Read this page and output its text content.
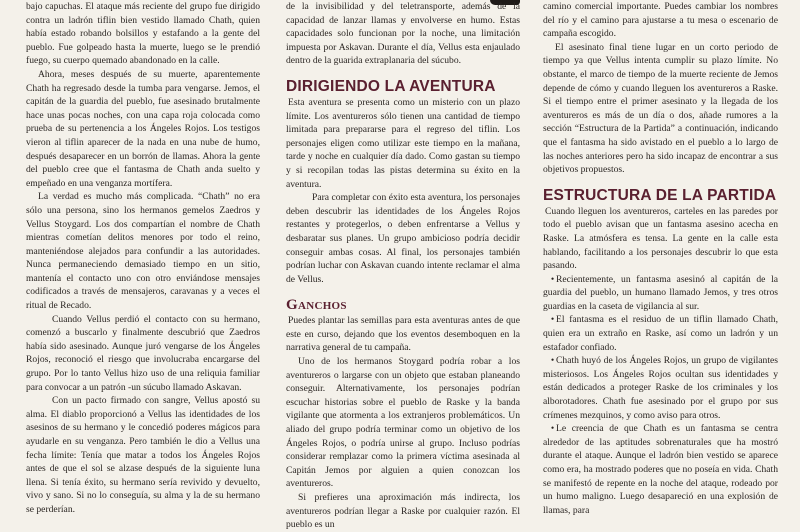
bajo capuchas. El ataque más reciente del grupo fue dirigido contra un ladrón tiflin bien vestido llamado Chath, quien había estado robando bolsillos y estafando a la gente del pueblo. Fue golpeado hasta la muerte, luego se le prendió fuego, su cuerpo quemado abandonado en la calle.

Ahora, meses después de su muerte, aparentemente Chath ha regresado desde la tumba para vengarse. Jemos, el capitán de la guardia del pueblo, fue asesinado brutalmente hace unas pocas noches, con una capa roja colocada como prueba de su pertenencia a los Ángeles Rojos. Los testigos vieron al tiflin aparecer de la nada en una nube de humo, después desaparecer en un borrón de llamas. Ahora la gente del pueblo cree que el fantasma de Chath anda suelto y empeñado en una venganza mortífera.

La verdad es mucho más complicada. “Chath” no era sólo una persona, sino los hermanos gemelos Zaedros y Vellus Stoygard. Los dos compartían el nombre de Chath mientras cometían delitos menores por todo el reino, manteniéndose alejados para confundir a las autoridades. Nunca permaneciendo demasiado tiempo en un sitio, mantenía el contacto uno con otro enviándose mensajes codificados a través de mensajeros, caravanas y a veces el ritual de Recado.

Cuando Vellus perdió el contacto con su hermano, comenzó a buscarlo y finalmente descubrió que Zaedros había sido asesinado. Aunque juró vengarse de los Ángeles Rojos, reconoció el riesgo que involucraba encargarse del grupo. Por lo tanto Vellus hizo uso de una reliquia familiar para convocar a un patrón -un súcubo llamado Askavan.

Con un pacto firmado con sangre, Vellus apostó su alma. El diablo proporcionó a Vellus las identidades de los asesinos de su hermano y le concedió poderes mágicos para ayudarle en su venganza. Pero también le dio a Vellus una fecha límite: Tenía que matar a todos los Ángeles Rojos antes de que el sol se alzase después de la siguiente luna llena. Si tenía éxito, su hermano sería revivido y devuelto, vivo y sano. Si no lo conseguía, su alma y la de su hermano se perderían.

de la invisibilidad y del teletransporte, además de la capacidad de lanzar llamas y envolverse en humo. Estas capacidades solo funcionan por la noche, una limitación impuesta por Askavan. Durante el día, Vellus esta enjaulado dentro de la guarida extraplanaria del súcubo.

DIRIGIENDO LA AVENTURA

Esta aventura se presenta como un misterio con un plazo límite. Los aventureros sólo tienen una cantidad de tiempo limitada para prepararse para el regreso del tiflin. Los personajes eligen como utilizar este tiempo en la mañana, tarde y noche en cualquier día dado. Como gastan su tiempo y si recopilan todas las pistas determina su éxito en la aventura.

Para completar con éxito esta aventura, los personajes deben descubrir las identidades de los Ángeles Rojos restantes y protegerlos, o deben enfrentarse a Vellus y desbaratar sus planes. Un grupo ambicioso podría decidir conseguir ambas cosas. Al final, los personajes también podrían luchar con Askavan cuando intente reclamar el alma de Vellus.

Ganchos

Puedes plantar las semillas para esta aventuras antes de que este en curso, dejando que los eventos desemboquen en la narrativa general de tu campaña.

Uno de los hermanos Stoygard podría robar a los aventureros o largarse con un objeto que estaban planeando conseguir. Alternativamente, los personajes podrían escuchar historias sobre el pueblo de Raske y la banda vigilante que atormenta a los extranjeros problemáticos. Un aliado del grupo podría terminar como un objetivo de los Ángeles Rojos, o podría unirse al grupo. Incluso podrías considerar remplazar como la primera víctima asesinada al Capitán Jemos por alguien a quien conozcan los aventureros.

Si prefieres una aproximación más indirecta, los aventureros podrían llegar a Raske por cualquier razón. El pueblo es un

camino comercial importante. Puedes cambiar los nombres del río y el camino para ajustarse a tu mesa o escenario de campaña escogido.

El asesinato final tiene lugar en un corto periodo de tiempo ya que Vellus intenta cumplir su plazo límite. No obstante, el marco de tiempo de la muerte reciente de Jemos depende de cómo y cuando lleguen los aventureros a Raske. Si el tiempo entre el primer asesinato y la llegada de los aventureros es más de un día o dos, añade rumores a la sección “Estructura de la Partida” a continuación, indicando que el fantasma ha sido avistado en el pueblo a lo largo de las noches anteriores pero ha sido incapaz de encontrar a sus objetivos propuestos.

ESTRUCTURA DE LA PARTIDA

Cuando lleguen los aventureros, carteles en las paredes por todo el pueblo avisan que un fantasma asesino acecha en Raske. La atmósfera es tensa. La gente en la calle esta hablando, facilitando a los personajes descubrir lo que esta pasando.

• Recientemente, un fantasma asesinó al capitán de la guardia del pueblo, un humano llamado Jemos, y tres otros guardias en la caseta de vigilancia al sur.

• El fantasma es el residuo de un tiflin llamado Chath, quien era un extraño en Raske, así como un ladrón y un estafador confiado.

• Chath huyó de los Ángeles Rojos, un grupo de vigilantes misteriosos. Los Ángeles Rojos ocultan sus identidades y están dedicados a proteger Raske de los criminales y los alborotadores. Chath fue asesinado por el grupo por sus crímenes mezquinos, y como aviso para otros.

• Le creencia de que Chath es un fantasma se centra alrededor de las aptitudes sobrenaturales que ha mostró durante el ataque. Aunque el ladrón bien vestido se aparece como era, ha mostrado poderes que no poseía en vida. Chath se manifestó de repente en la noche del ataque, rodeado por un humo maligno. Luego desapareció en una explosión de llamas, para
